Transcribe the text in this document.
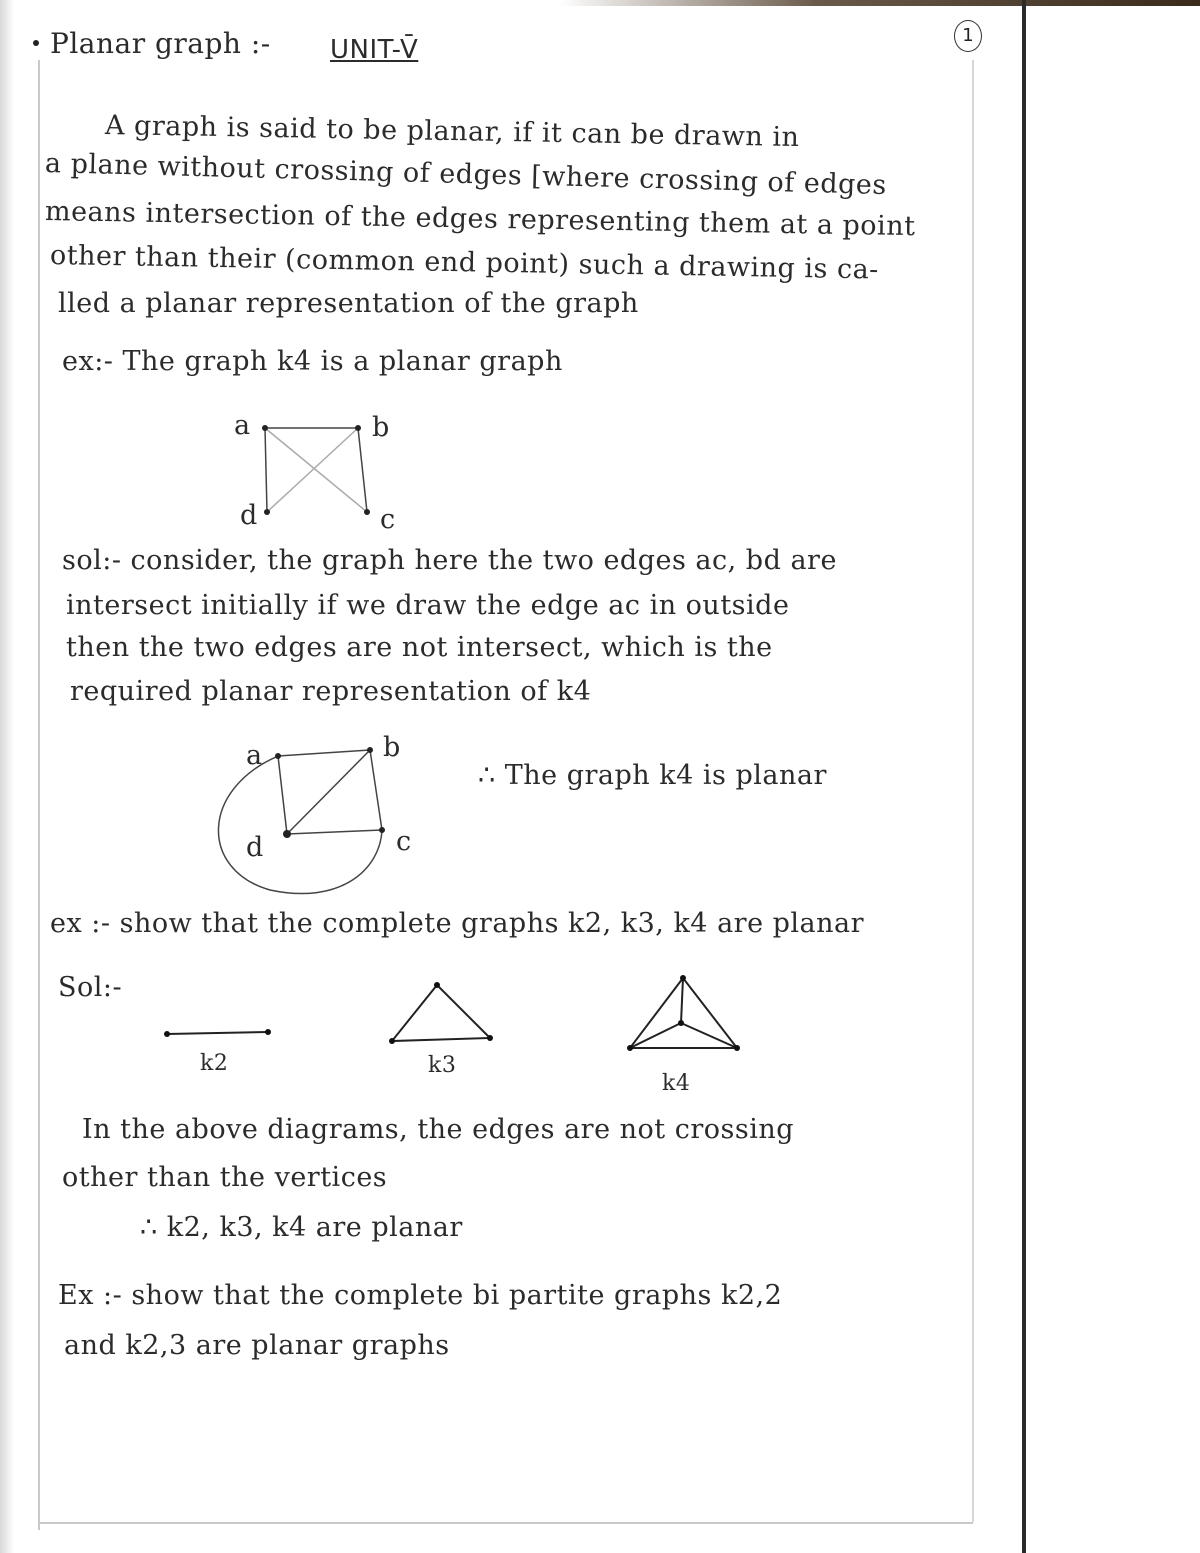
Planar graph :- UNIT-V̄	1
A graph is said to be planar, if it can be drawn in
a plane without crossing of edges [where crossing of edges
means intersection of the edges representing them at a point
other than their (common end point) such a drawing is ca-
lled a planar representation of the graph
ex:- The graph k4 is a planar graph
a	b
d	c
sol:- consider, the graph here the two edges ac, bd are
intersect initially if we draw the edge ac in outside
then the two edges are not intersect, which is the
required planar representation of k4
a	b
d	c
∴ The graph k4 is planar
ex :- show that the complete graphs k2, k3, k4 are planar
Sol:-
k2	k3
k4
In the above diagrams, the edges are not crossing
other than the vertices
∴ k2, k3, k4 are planar
Ex :- show that the complete bi partite graphs k2,2
and k2,3 are planar graphs
